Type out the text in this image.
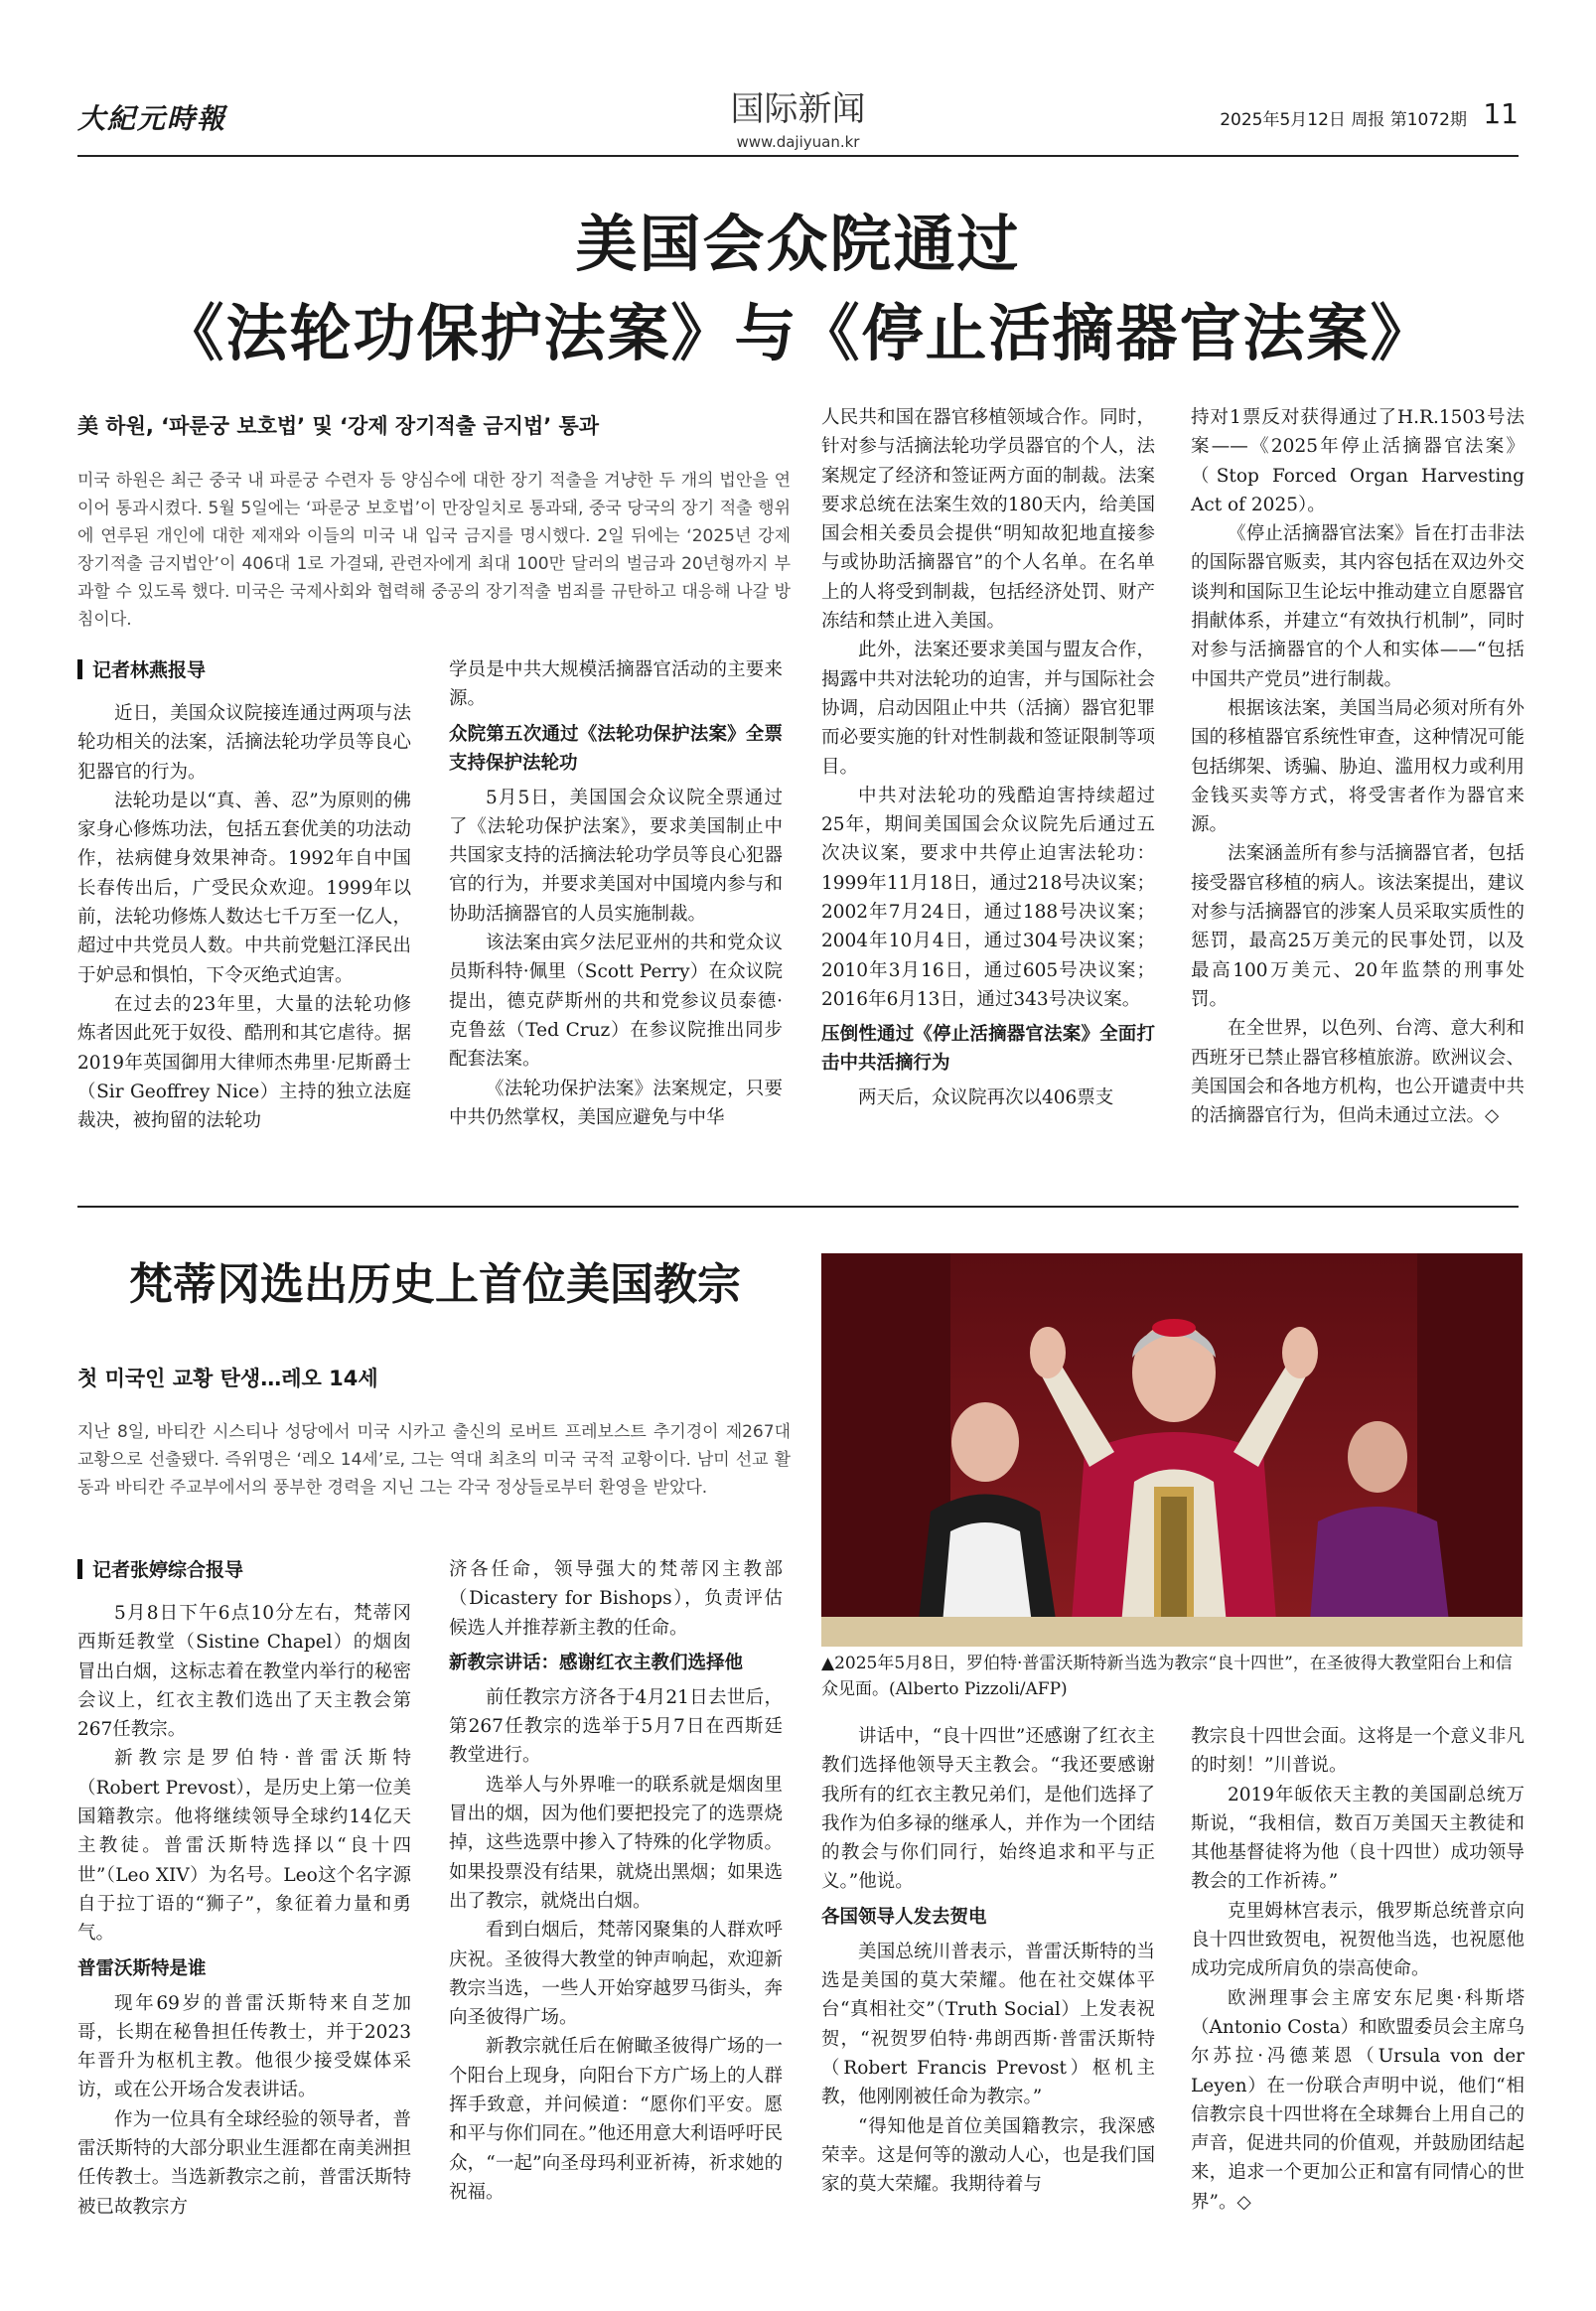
大紀元時報	国际新闻
www.dajiyuan.kr
2025年5月12日 周报 第1072期 11
美国会众院通过
《法轮功保护法案》与《停止活摘器官法案》
美 하원, ‘파룬궁 보호법’ 및 ‘강제 장기적출 금지법’ 통과
미국 하원은 최근 중국 내 파룬궁 수련자 등 양심수에 대한 장기 적출을 겨냥한 두 개의 법안을 연이어 통과시켰다. 5월 5일에는 ‘파룬궁 보호법’이 만장일치로 통과돼, 중국 당국의 장기 적출 행위에 연루된 개인에 대한 제재와 이들의 미국 내 입국 금지를 명시했다. 2일 뒤에는 ‘2025년 강제 장기적출 금지법안’이 406대 1로 가결돼, 관련자에게 최대 100만 달러의 벌금과 20년형까지 부과할 수 있도록 했다. 미국은 국제사회와 협력해 중공의 장기적출 범죄를 규탄하고 대응해 나갈 방침이다.
记者林燕报导

近日，美国众议院接连通过两项与法轮功相关的法案，活摘法轮功学员等良心犯器官的行为。

法轮功是以“真、善、忍”为原则的佛家身心修炼功法，包括五套优美的功法动作，祛病健身效果神奇。1992年自中国长春传出后，广受民众欢迎。1999年以前，法轮功修炼人数达七千万至一亿人，超过中共党员人数。中共前党魁江泽民出于妒忌和惧怕，下令灭绝式迫害。

在过去的23年里，大量的法轮功修炼者因此死于奴役、酷刑和其它虐待。据2019年英国御用大律师杰弗里·尼斯爵士（Sir Geoffrey Nice）主持的独立法庭裁决，被拘留的法轮功

学员是中共大规模活摘器官活动的主要来源。

众院第五次通过《法轮功保护法案》全票支持保护法轮功

5月5日，美国国会众议院全票通过了《法轮功保护法案》，要求美国制止中共国家支持的活摘法轮功学员等良心犯器官的行为，并要求美国对中国境内参与和协助活摘器官的人员实施制裁。

该法案由宾夕法尼亚州的共和党众议员斯科特·佩里（Scott Perry）在众议院提出，德克萨斯州的共和党参议员泰德·克鲁兹（Ted Cruz）在参议院推出同步配套法案。

《法轮功保护法案》法案规定，只要中共仍然掌权，美国应避免与中华

人民共和国在器官移植领域合作。同时，针对参与活摘法轮功学员器官的个人，法案规定了经济和签证两方面的制裁。法案要求总统在法案生效的180天内，给美国国会相关委员会提供“明知故犯地直接参与或协助活摘器官”的个人名单。在名单上的人将受到制裁，包括经济处罚、财产冻结和禁止进入美国。

此外，法案还要求美国与盟友合作，揭露中共对法轮功的迫害，并与国际社会协调，启动因阻止中共（活摘）器官犯罪而必要实施的针对性制裁和签证限制等项目。

中共对法轮功的残酷迫害持续超过25年，期间美国国会众议院先后通过五次决议案，要求中共停止迫害法轮功：1999年11月18日，通过218号决议案；2002年7月24日，通过188号决议案；2004年10月4日，通过304号决议案；2010年3月16日，通过605号决议案；2016年6月13日，通过343号决议案。

压倒性通过《停止活摘器官法案》全面打击中共活摘行为

两天后，众议院再次以406票支

持对1票反对获得通过了H.R.1503号法案——《2025年停止活摘器官法案》（Stop Forced Organ Harvesting Act of 2025）。

《停止活摘器官法案》旨在打击非法的国际器官贩卖，其内容包括在双边外交谈判和国际卫生论坛中推动建立自愿器官捐献体系，并建立“有效执行机制”，同时对参与活摘器官的个人和实体——“包括中国共产党员”进行制裁。

根据该法案，美国当局必须对所有外国的移植器官系统性审查，这种情况可能包括绑架、诱骗、胁迫、滥用权力或利用金钱买卖等方式，将受害者作为器官来源。

法案涵盖所有参与活摘器官者，包括接受器官移植的病人。该法案提出，建议对参与活摘器官的涉案人员采取实质性的惩罚，最高25万美元的民事处罚，以及最高100万美元、20年监禁的刑事处罚。

在全世界，以色列、台湾、意大利和西班牙已禁止器官移植旅游。欧洲议会、美国国会和各地方机构，也公开谴责中共的活摘器官行为，但尚未通过立法。◇

梵蒂冈选出历史上首位美国教宗
첫 미국인 교황 탄생…레오 14세
지난 8일, 바티칸 시스티나 성당에서 미국 시카고 출신의 로버트 프레보스트 추기경이 제267대 교황으로 선출됐다. 즉위명은 ‘레오 14세’로, 그는 역대 최초의 미국 국적 교황이다. 남미 선교 활동과 바티칸 주교부에서의 풍부한 경력을 지닌 그는 각국 정상들로부터 환영을 받았다.
记者张婷综合报导

5月8日下午6点10分左右，梵蒂冈西斯廷教堂（Sistine Chapel）的烟囱冒出白烟，这标志着在教堂内举行的秘密会议上，红衣主教们选出了天主教会第267任教宗。

新教宗是罗伯特·普雷沃斯特（Robert Prevost），是历史上第一位美国籍教宗。他将继续领导全球约14亿天主教徒。普雷沃斯特选择以“良十四世”（Leo XIV）为名号。Leo这个名字源自于拉丁语的“狮子”，象征着力量和勇气。

普雷沃斯特是谁

现年69岁的普雷沃斯特来自芝加哥，长期在秘鲁担任传教士，并于2023年晋升为枢机主教。他很少接受媒体采访，或在公开场合发表讲话。

作为一位具有全球经验的领导者，普雷沃斯特的大部分职业生涯都在南美洲担任传教士。当选新教宗之前，普雷沃斯特被已故教宗方

济各任命，领导强大的梵蒂冈主教部（Dicastery for Bishops），负责评估候选人并推荐新主教的任命。

新教宗讲话：感谢红衣主教们选择他

前任教宗方济各于4月21日去世后，第267任教宗的选举于5月7日在西斯廷教堂进行。

选举人与外界唯一的联系就是烟囱里冒出的烟，因为他们要把投完了的选票烧掉，这些选票中掺入了特殊的化学物质。如果投票没有结果，就烧出黑烟；如果选出了教宗，就烧出白烟。

看到白烟后，梵蒂冈聚集的人群欢呼庆祝。圣彼得大教堂的钟声响起，欢迎新教宗当选，一些人开始穿越罗马街头，奔向圣彼得广场。

新教宗就任后在俯瞰圣彼得广场的一个阳台上现身，向阳台下方广场上的人群挥手致意，并问候道：“愿你们平安。愿和平与你们同在。”他还用意大利语呼吁民众，“一起”向圣母玛利亚祈祷，祈求她的祝福。

▲2025年5月8日，罗伯特·普雷沃斯特新当选为教宗“良十四世”，在圣彼得大教堂阳台上和信众见面。(Alberto Pizzoli/AFP)

讲话中，“良十四世”还感谢了红衣主教们选择他领导天主教会。“我还要感谢我所有的红衣主教兄弟们，是他们选择了我作为伯多禄的继承人，并作为一个团结的教会与你们同行，始终追求和平与正义。”他说。

各国领导人发去贺电

美国总统川普表示，普雷沃斯特的当选是美国的莫大荣耀。他在社交媒体平台“真相社交”（Truth Social）上发表祝贺，“祝贺罗伯特·弗朗西斯·普雷沃斯特（Robert Francis Prevost）枢机主教，他刚刚被任命为教宗。”

“得知他是首位美国籍教宗，我深感荣幸。这是何等的激动人心，也是我们国家的莫大荣耀。我期待着与

教宗良十四世会面。这将是一个意义非凡的时刻！”川普说。

2019年皈依天主教的美国副总统万斯说，“我相信，数百万美国天主教徒和其他基督徒将为他（良十四世）成功领导教会的工作祈祷。”

克里姆林宫表示，俄罗斯总统普京向良十四世致贺电，祝贺他当选，也祝愿他成功完成所肩负的崇高使命。

欧洲理事会主席安东尼奥·科斯塔（Antonio Costa）和欧盟委员会主席乌尔苏拉·冯德莱恩（Ursula von der Leyen）在一份联合声明中说，他们“相信教宗良十四世将在全球舞台上用自己的声音，促进共同的价值观，并鼓励团结起来，追求一个更加公正和富有同情心的世界”。◇
